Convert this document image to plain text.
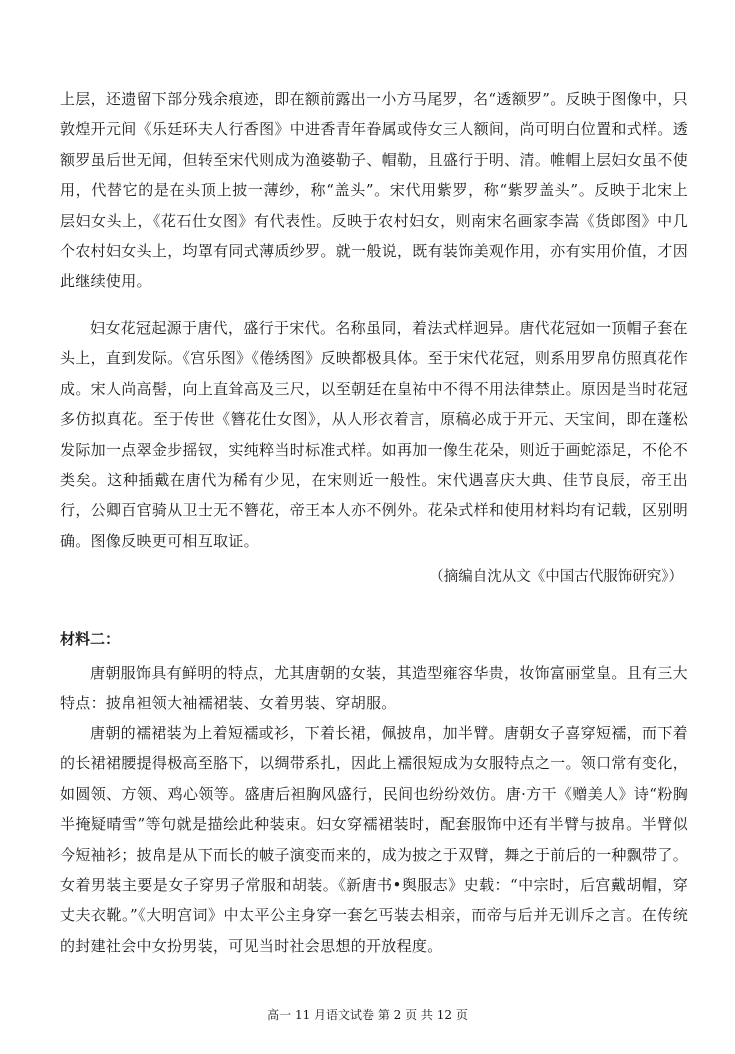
上层，还遗留下部分残余痕迹，即在额前露出一小方马尾罗，名“透额罗”。反映于图像中，只敦煌开元间《乐廷环夫人行香图》中进香青年眷属或侍女三人额间，尚可明白位置和式样。透额罗虽后世无闻，但转至宋代则成为渔婆勒子、帽勒，且盛行于明、清。帷帽上层妇女虽不使用，代替它的是在头顶上披一薄纱，称“盖头”。宋代用紫罗，称“紫罗盖头”。反映于北宋上层妇女头上，《花石仕女图》有代表性。反映于农村妇女，则南宋名画家李嵩《货郎图》中几个农村妇女头上，均罩有同式薄质纱罗。就一般说，既有装饰美观作用，亦有实用价值，才因此继续使用。

妇女花冠起源于唐代，盛行于宋代。名称虽同，着法式样迥异。唐代花冠如一顶帽子套在头上，直到发际。《宫乐图》《倦绣图》反映都极具体。至于宋代花冠，则系用罗帛仿照真花作成。宋人尚高髻，向上直耸高及三尺，以至朝廷在皇祐中不得不用法律禁止。原因是当时花冠多仿拟真花。至于传世《簪花仕女图》，从人形衣着言，原稿必成于开元、天宝间，即在蓬松发际加一点翠金步摇钗，实纯粹当时标准式样。如再加一像生花朵，则近于画蛇添足，不伦不类矣。这种插戴在唐代为稀有少见，在宋则近一般性。宋代遇喜庆大典、佳节良辰，帝王出行，公卿百官骑从卫士无不簪花，帝王本人亦不例外。花朵式样和使用材料均有记载，区别明确。图像反映更可相互取证。

（摘编自沈从文《中国古代服饰研究》）

材料二：

唐朝服饰具有鲜明的特点，尤其唐朝的女装，其造型雍容华贵，妆饰富丽堂皇。且有三大特点：披帛袒领大袖襦裙装、女着男装、穿胡服。

唐朝的襦裙装为上着短襦或衫，下着长裙，佩披帛，加半臂。唐朝女子喜穿短襦，而下着的长裙裙腰提得极高至胳下，以绸带系扎，因此上襦很短成为女服特点之一。领口常有变化，如圆领、方领、鸡心领等。盛唐后袒胸风盛行，民间也纷纷效仿。唐·方干《赠美人》诗“粉胸半掩疑晴雪”等句就是描绘此种装束。妇女穿襦裙装时，配套服饰中还有半臂与披帛。半臂似今短袖衫；披帛是从下而长的帔子演变而来的，成为披之于双臂，舞之于前后的一种飘带了。女着男装主要是女子穿男子常服和胡装。《新唐书•舆服志》史载：“中宗时，后宫戴胡帽，穿丈夫衣靴。”《大明宫词》中太平公主身穿一套乞丐装去相亲，而帝与后并无训斥之言。在传统的封建社会中女扮男装，可见当时社会思想的开放程度。

高一 11 月语文试卷 第 2 页 共 12 页
